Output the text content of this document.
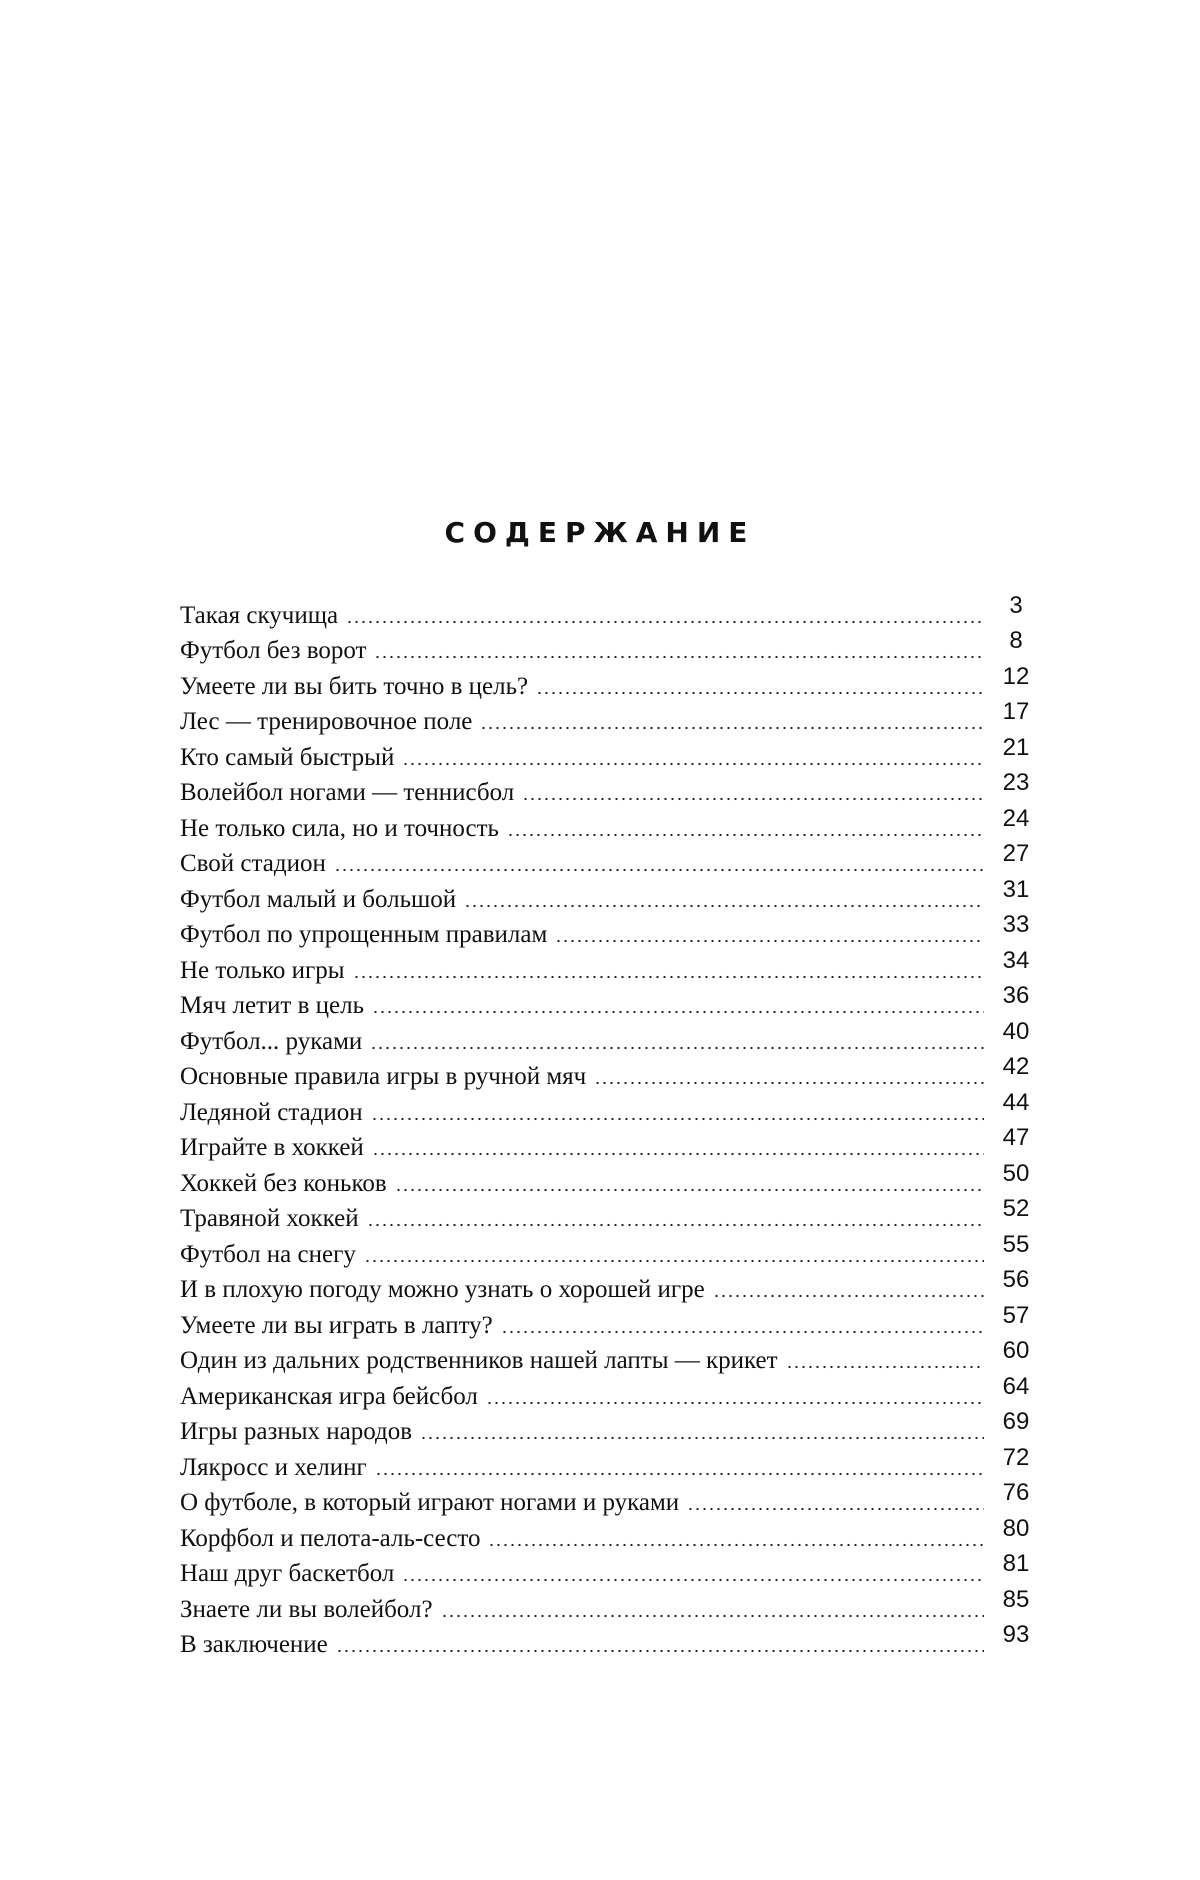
СОДЕРЖАНИЕ
Такая скучища	3
Футбол без ворот	8
Умеете ли вы бить точно в цель?	12
Лес — тренировочное поле	17
Кто самый быстрый	21
Волейбол ногами — теннисбол	23
Не только сила, но и точность	24
Свой стадион	27
Футбол малый и большой	31
Футбол по упрощенным правилам	33
Не только игры	34
Мяч летит в цель	36
Футбол... руками	40
Основные правила игры в ручной мяч	42
Ледяной стадион	44
Играйте в хоккей	47
Хоккей без коньков	50
Травяной хоккей	52
Футбол на снегу	55
И в плохую погоду можно узнать о хорошей игре	56
Умеете ли вы играть в лапту?	57
Один из дальних родственников нашей лапты — крикет	60
Американская игра бейсбол	64
Игры разных народов	69
Лякросс и хелинг	72
О футболе, в который играют ногами и руками	76
Корфбол и пелота-аль-сесто	80
Наш друг баскетбол	81
Знаете ли вы волейбол?	85
В заключение	93
